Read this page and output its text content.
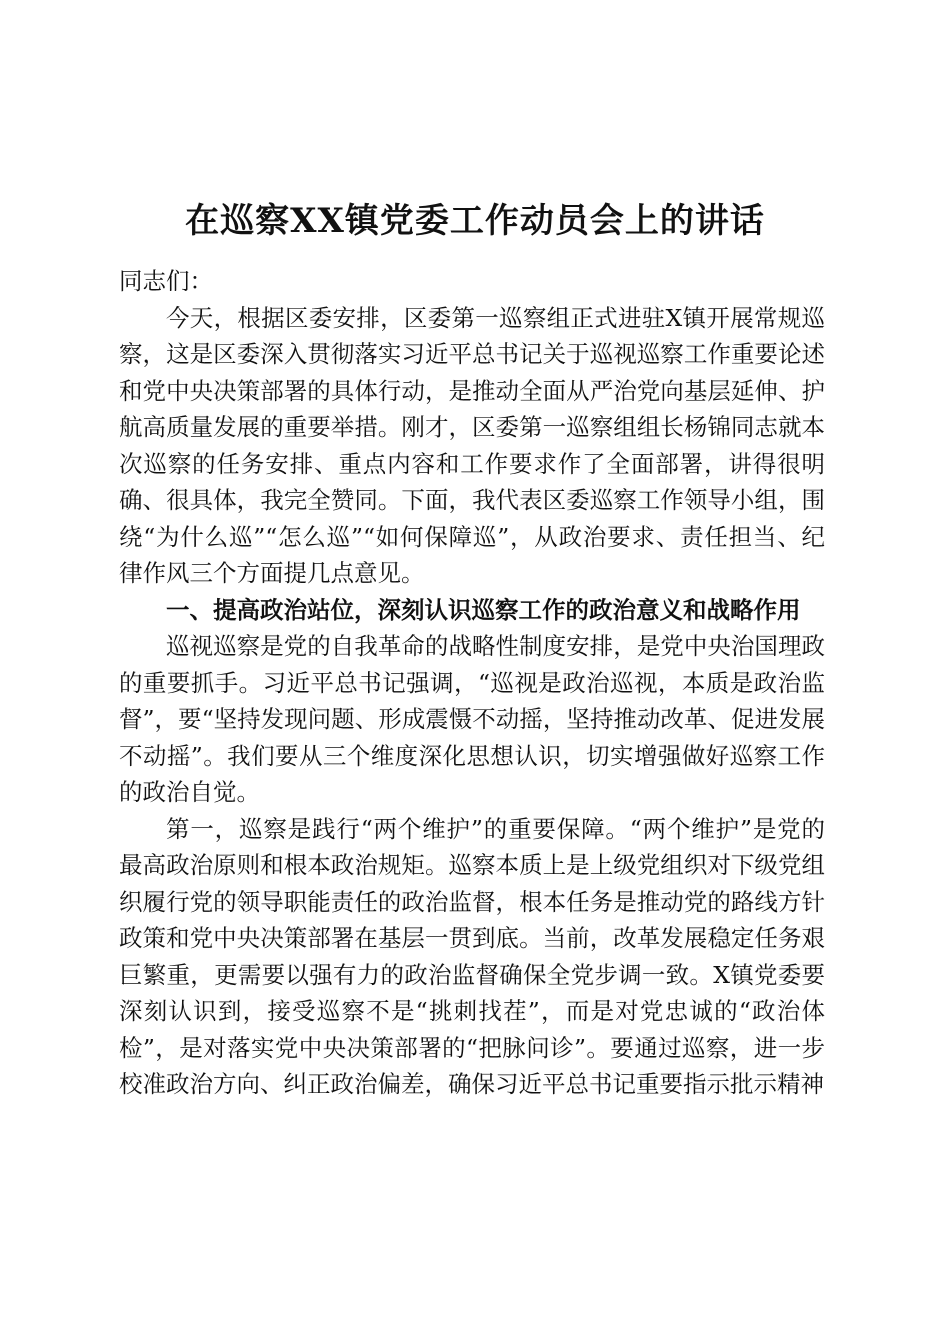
在巡察XX镇党委工作动员会上的讲话

同志们：

今天，根据区委安排，区委第一巡察组正式进驻X镇开展常规巡察，这是区委深入贯彻落实习近平总书记关于巡视巡察工作重要论述和党中央决策部署的具体行动，是推动全面从严治党向基层延伸、护航高质量发展的重要举措。刚才，区委第一巡察组组长杨锦同志就本次巡察的任务安排、重点内容和工作要求作了全面部署，讲得很明确、很具体，我完全赞同。下面，我代表区委巡察工作领导小组，围绕“为什么巡”“怎么巡”“如何保障巡”，从政治要求、责任担当、纪律作风三个方面提几点意见。

一、提高政治站位，深刻认识巡察工作的政治意义和战略作用

巡视巡察是党的自我革命的战略性制度安排，是党中央治国理政的重要抓手。习近平总书记强调，“巡视是政治巡视，本质是政治监督”，要“坚持发现问题、形成震慑不动摇，坚持推动改革、促进发展不动摇”。我们要从三个维度深化思想认识，切实增强做好巡察工作的政治自觉。

第一，巡察是践行“两个维护”的重要保障。“两个维护”是党的最高政治原则和根本政治规矩。巡察本质上是上级党组织对下级党组织履行党的领导职能责任的政治监督，根本任务是推动党的路线方针政策和党中央决策部署在基层一贯到底。当前，改革发展稳定任务艰巨繁重，更需要以强有力的政治监督确保全党步调一致。X镇党委要深刻认识到，接受巡察不是“挑刺找茬”，而是对党忠诚的“政治体检”，是对落实党中央决策部署的“把脉问诊”。要通过巡察，进一步校准政治方向、纠正政治偏差，确保习近平总书记重要指示批示精神
